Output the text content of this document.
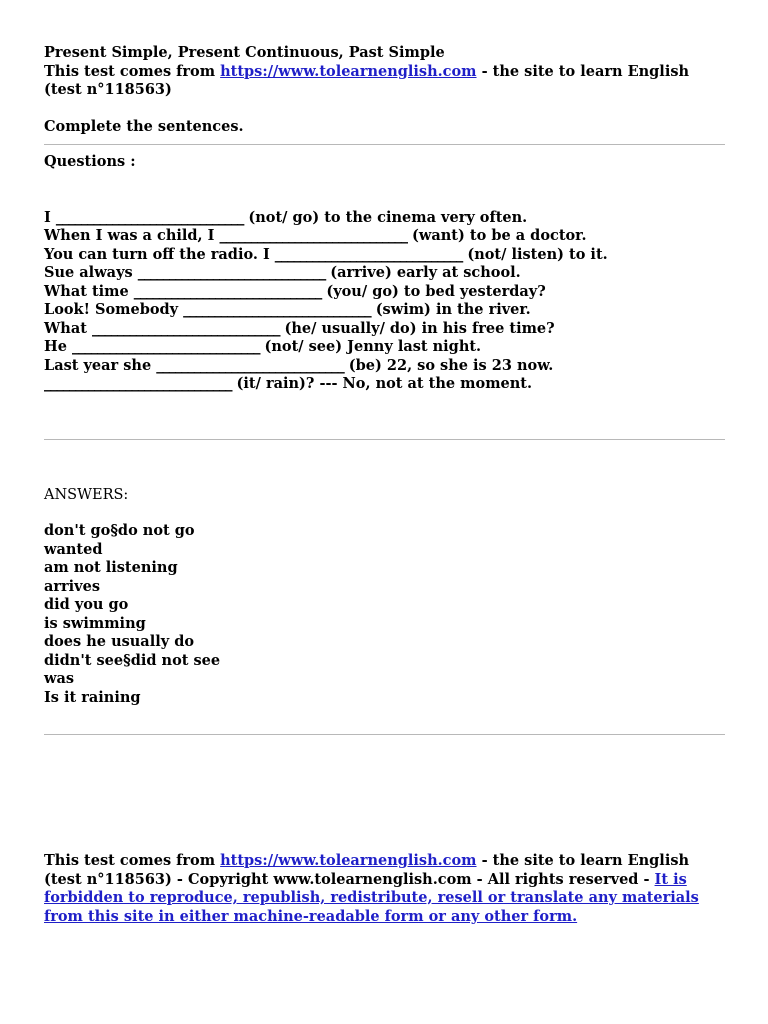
Present Simple, Present Continuous, Past Simple
This test comes from https://www.tolearnenglish.com - the site to learn English (test n°118563)
Complete the sentences.
Questions :
I ______________________________ (not/ go) to the cinema very often.
When I was a child, I ______________________________ (want) to be a doctor.
You can turn off the radio. I ______________________________ (not/ listen) to it.
Sue always ______________________________ (arrive) early at school.
What time ______________________________ (you/ go) to bed yesterday?
Look! Somebody ______________________________ (swim) in the river.
What ______________________________ (he/ usually/ do) in his free time?
He ______________________________ (not/ see) Jenny last night.
Last year she ______________________________ (be) 22, so she is 23 now.
______________________________ (it/ rain)? --- No, not at the moment.
ANSWERS:
don't go§do not go
wanted
am not listening
arrives
did you go
is swimming
does he usually do
didn't see§did not see
was
Is it raining
This test comes from https://www.tolearnenglish.com - the site to learn English (test n°118563) - Copyright www.tolearnenglish.com - All rights reserved - It is forbidden to reproduce, republish, redistribute, resell or translate any materials from this site in either machine-readable form or any other form.
